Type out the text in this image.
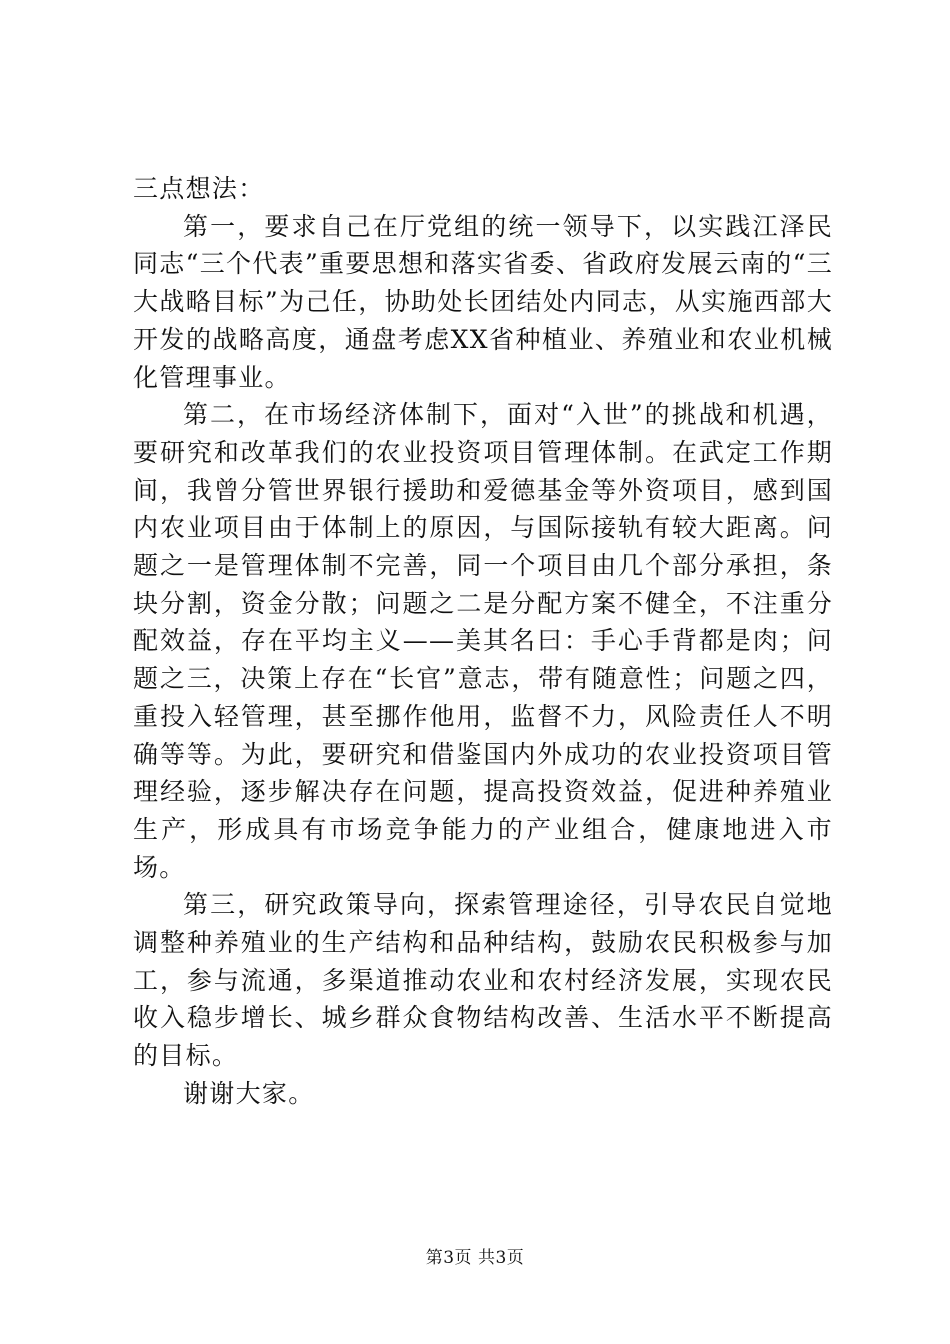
三点想法：

第一，要求自己在厅党组的统一领导下，以实践江泽民同志“三个代表”重要思想和落实省委、省政府发展云南的“三大战略目标”为己任，协助处长团结处内同志，从实施西部大开发的战略高度，通盘考虑XX省种植业、养殖业和农业机械化管理事业。

第二，在市场经济体制下，面对“入世”的挑战和机遇，要研究和改革我们的农业投资项目管理体制。在武定工作期间，我曾分管世界银行援助和爱德基金等外资项目，感到国内农业项目由于体制上的原因，与国际接轨有较大距离。问题之一是管理体制不完善，同一个项目由几个部分承担，条块分割，资金分散；问题之二是分配方案不健全，不注重分配效益，存在平均主义——美其名曰：手心手背都是肉；问题之三，决策上存在“长官”意志，带有随意性；问题之四，重投入轻管理，甚至挪作他用，监督不力，风险责任人不明确等等。为此，要研究和借鉴国内外成功的农业投资项目管理经验，逐步解决存在问题，提高投资效益，促进种养殖业生产，形成具有市场竞争能力的产业组合，健康地进入市场。

第三，研究政策导向，探索管理途径，引导农民自觉地调整种养殖业的生产结构和品种结构，鼓励农民积极参与加工，参与流通，多渠道推动农业和农村经济发展，实现农民收入稳步增长、城乡群众食物结构改善、生活水平不断提高的目标。

谢谢大家。

第3页 共3页
